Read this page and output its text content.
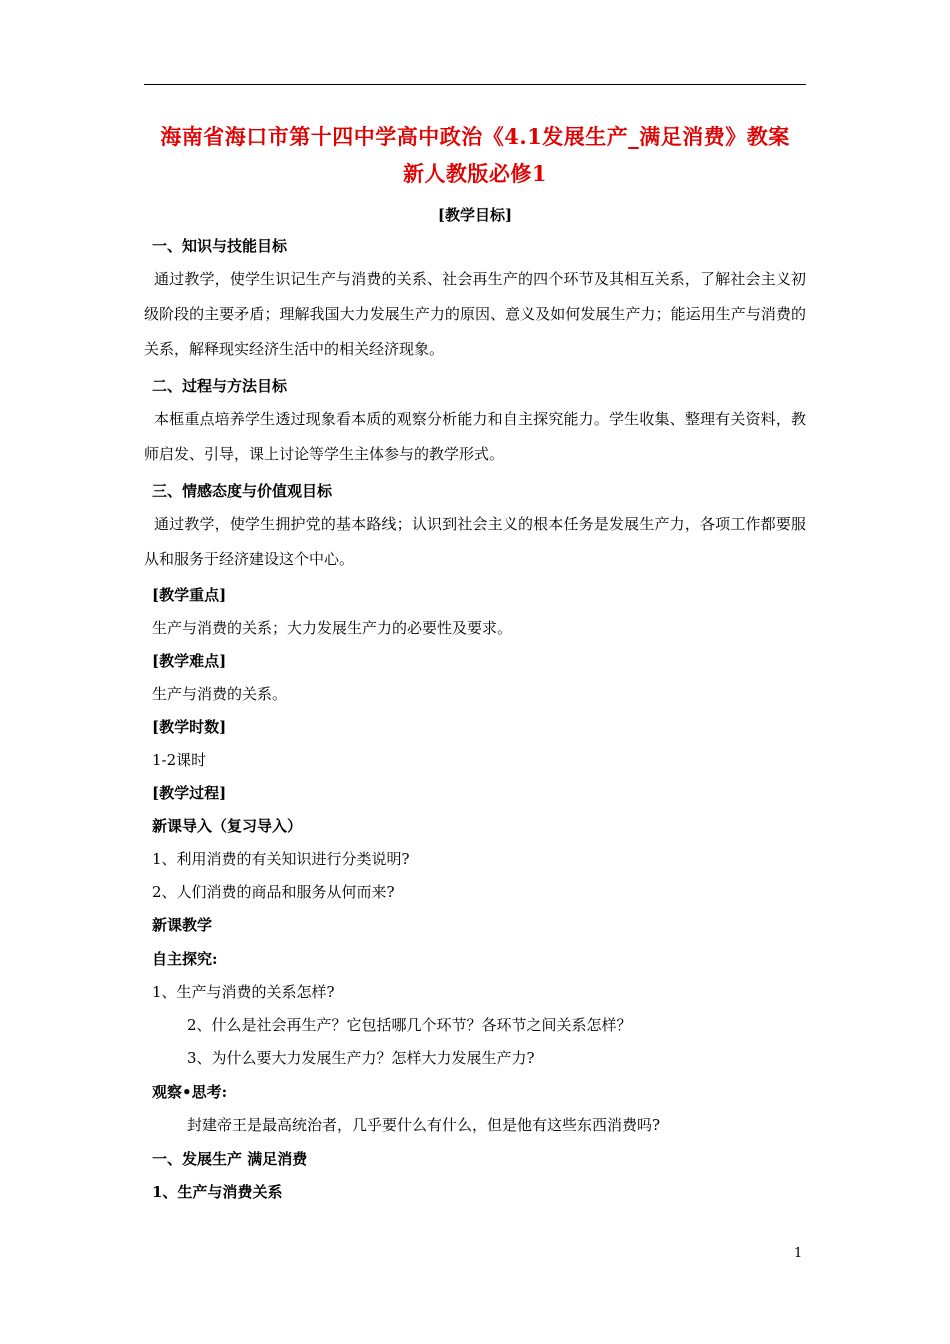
海南省海口市第十四中学高中政治《4.1发展生产_满足消费》教案
新人教版必修1
[教学目标]
一、知识与技能目标
通过教学，使学生识记生产与消费的关系、社会再生产的四个环节及其相互关系，了解社会主义初级阶段的主要矛盾；理解我国大力发展生产力的原因、意义及如何发展生产力；能运用生产与消费的关系，解释现实经济生活中的相关经济现象。
二、过程与方法目标
本框重点培养学生透过现象看本质的观察分析能力和自主探究能力。学生收集、整理有关资料，教师启发、引导，课上讨论等学生主体参与的教学形式。
三、情感态度与价值观目标
通过教学，使学生拥护党的基本路线；认识到社会主义的根本任务是发展生产力，各项工作都要服从和服务于经济建设这个中心。
[教学重点]
生产与消费的关系；大力发展生产力的必要性及要求。
[教学难点]
生产与消费的关系。
[教学时数]
1-2课时
[教学过程]
新课导入（复习导入）
1、利用消费的有关知识进行分类说明?
2、人们消费的商品和服务从何而来?
新课教学
自主探究:
1、生产与消费的关系怎样?
2、什么是社会再生产？它包括哪几个环节？各环节之间关系怎样？
3、为什么要大力发展生产力？怎样大力发展生产力?
观察•思考:
封建帝王是最高统治者，几乎要什么有什么，但是他有这些东西消费吗?
一、发展生产 满足消费
1、生产与消费关系
1
